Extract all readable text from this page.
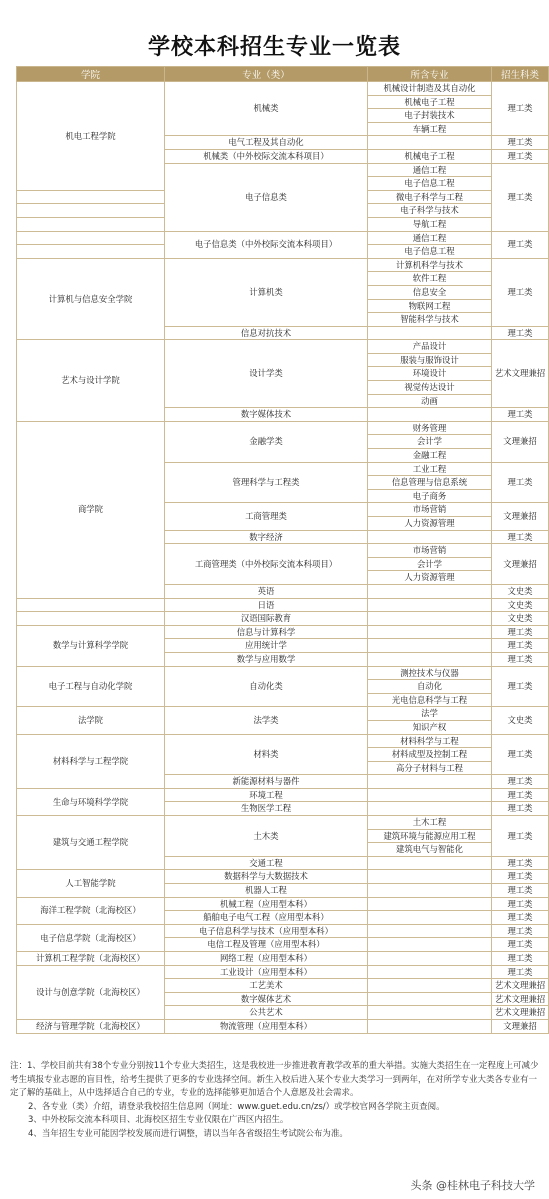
学校本科招生专业一览表
学院	专业（类）	所含专业	招生科类
机电工程学院	机械类	机械设计制造及其自动化	理工类
		机械电子工程	
		电子封装技术	
		车辆工程	
	电气工程及其自动化		理工类
	机械类（中外校际交流本科项目）	机械电子工程	理工类
	电子信息类	通信工程	理工类
		电子信息工程	
		微电子科学与工程	
		电子科学与技术	
		导航工程	
	电子信息类（中外校际交流本科项目）	通信工程	理工类
		电子信息工程	
计算机与信息安全学院	计算机类	计算机科学与技术	理工类
		软件工程	
		信息安全	
		物联网工程	
		智能科学与技术	
	信息对抗技术		理工类
艺术与设计学院	设计学类	产品设计	艺术文理兼招
		服装与服饰设计	
		环境设计	
		视觉传达设计	
		动画	
	数字媒体技术		理工类
商学院	金融学类	财务管理	文理兼招
		会计学	
		金融工程	
	管理科学与工程类	工业工程	理工类
		信息管理与信息系统	
		电子商务	
	工商管理类	市场营销	文理兼招
		人力资源管理	
	数字经济		理工类
	工商管理类（中外校际交流本科项目）	市场营销	文理兼招
		会计学	
		人力资源管理	
	英语		文史类
	日语		文史类
	汉语国际教育		文史类
数学与计算科学学院	信息与计算科学		理工类
	应用统计学		理工类
	数学与应用数学		理工类
电子工程与自动化学院	自动化类	测控技术与仪器	理工类
		自动化	
		光电信息科学与工程	
法学院	法学类	法学	文史类
		知识产权	
材料科学与工程学院	材料类	材料科学与工程	理工类
		材料成型及控制工程	
		高分子材料与工程	
	新能源材料与器件		理工类
生命与环境科学学院	环境工程		理工类
	生物医学工程		理工类
建筑与交通工程学院	土木类	土木工程	理工类
		建筑环境与能源应用工程	
		建筑电气与智能化	
	交通工程		理工类
人工智能学院	数据科学与大数据技术		理工类
	机器人工程		理工类
海洋工程学院（北海校区）	机械工程（应用型本科）		理工类
	船舶电子电气工程（应用型本科）		理工类
电子信息学院（北海校区）	电子信息科学与技术（应用型本科）		理工类
	电信工程及管理（应用型本科）		理工类
计算机工程学院（北海校区）	网络工程（应用型本科）		理工类
设计与创意学院（北海校区）	工业设计（应用型本科）		理工类
	工艺美术		艺术文理兼招
	数字媒体艺术		艺术文理兼招
	公共艺术		艺术文理兼招
经济与管理学院（北海校区）	物流管理（应用型本科）		文理兼招

注：1、学校目前共有38个专业分别按11个专业大类招生，这是我校进一步推进教育教学改革的重大举措。实施大类招生在一定程度上可减少考生填报专业志愿的盲目性，给考生提供了更多的专业选择空间。新生入校后进入某个专业大类学习一到两年，在对所学专业大类各专业有一定了解的基础上，从中选择适合自己的专业，专业的选择能够更加适合个人意愿及社会需求。

2、各专业（类）介绍，请登录我校招生信息网（网址：www.guet.edu.cn/zs/）或学校官网各学院主页查阅。

3、中外校际交流本科项目、北海校区招生专业仅限在广西区内招生。

4、当年招生专业可能因学校发展而进行调整，请以当年各省级招生考试院公布为准。

头条 @桂林电子科技大学
